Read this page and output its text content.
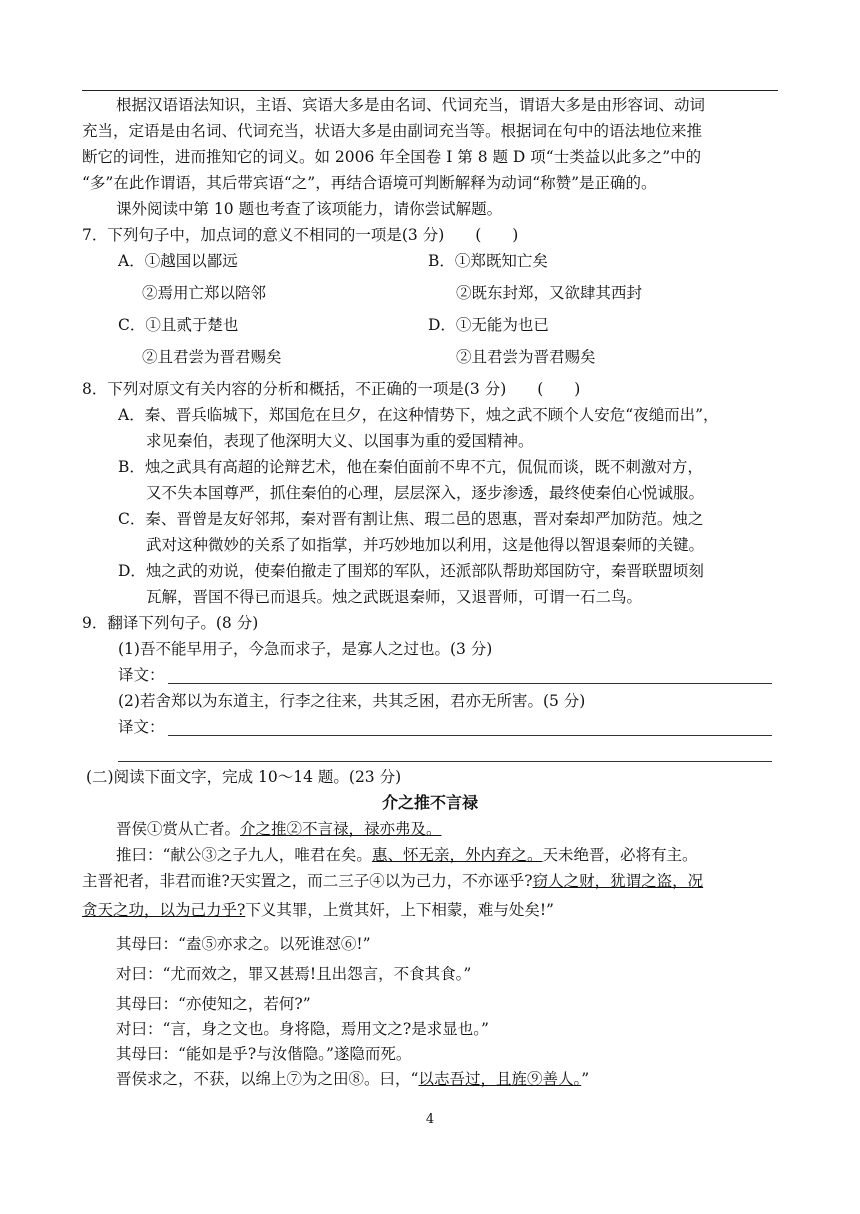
根据汉语语法知识，主语、宾语大多是由名词、代词充当，谓语大多是由形容词、动词
充当，定语是由名词、代词充当，状语大多是由副词充当等。根据词在句中的语法地位来推
断它的词性，进而推知它的词义。如 2006 年全国卷 Ⅰ 第 8 题 D 项“士类益以此多之”中的
“多”在此作谓语，其后带宾语“之”，再结合语境可判断解释为动词“称赞”是正确的。
课外阅读中第 10 题也考查了该项能力，请你尝试解题。
7．下列句子中，加点词的意义不相同的一项是(3 分)　　(　　)
A．①越国以鄙远	B．①郑既知亡矣
②焉用亡郑以陪邻	②既东封郑，又欲肆其西封
C．①且贰于楚也	D．①无能为也已
②且君尝为晋君赐矣	②且君尝为晋君赐矣
8．下列对原文有关内容的分析和概括，不正确的一项是(3 分)　　(　　)
A．秦、晋兵临城下，郑国危在旦夕，在这种情势下，烛之武不顾个人安危“夜缒而出”，
求见秦伯，表现了他深明大义、以国事为重的爱国精神。
B．烛之武具有高超的论辩艺术，他在秦伯面前不卑不亢，侃侃而谈，既不刺激对方，
又不失本国尊严，抓住秦伯的心理，层层深入，逐步渗透，最终使秦伯心悦诚服。
C．秦、晋曾是友好邻邦，秦对晋有割让焦、瑕二邑的恩惠，晋对秦却严加防范。烛之
武对这种微妙的关系了如指掌，并巧妙地加以利用，这是他得以智退秦师的关键。
D．烛之武的劝说，使秦伯撤走了围郑的军队，还派部队帮助郑国防守，秦晋联盟顷刻
瓦解，晋国不得已而退兵。烛之武既退秦师，又退晋师，可谓一石二鸟。
9．翻译下列句子。(8 分)
(1)吾不能早用子，今急而求子，是寡人之过也。(3 分)
译文：
(2)若舍郑以为东道主，行李之往来，共其乏困，君亦无所害。(5 分)
译文：
(二)阅读下面文字，完成 10～14 题。(23 分)
介之推不言禄
晋侯①赏从亡者。介之推②不言禄，禄亦弗及。
推曰：“献公③之子九人，唯君在矣。惠、怀无亲，外内弃之。天未绝晋，必将有主。
主晋祀者，非君而谁?天实置之，而二三子④以为己力，不亦诬乎?窃人之财，犹谓之盗，况
贪天之功，以为己力乎?下义其罪，上赏其奸，上下相蒙，难与处矣!”
其母曰：“盍⑤亦求之。以死谁怼⑥!”
对曰：“尤而效之，罪又甚焉!且出怨言，不食其食。”
其母曰：“亦使知之，若何?”
对曰：“言，身之文也。身将隐，焉用文之?是求显也。”
其母曰：“能如是乎?与汝偕隐。”遂隐而死。
晋侯求之，不获，以绵上⑦为之田⑧。曰，“以志吾过，且旌⑨善人。”
4
